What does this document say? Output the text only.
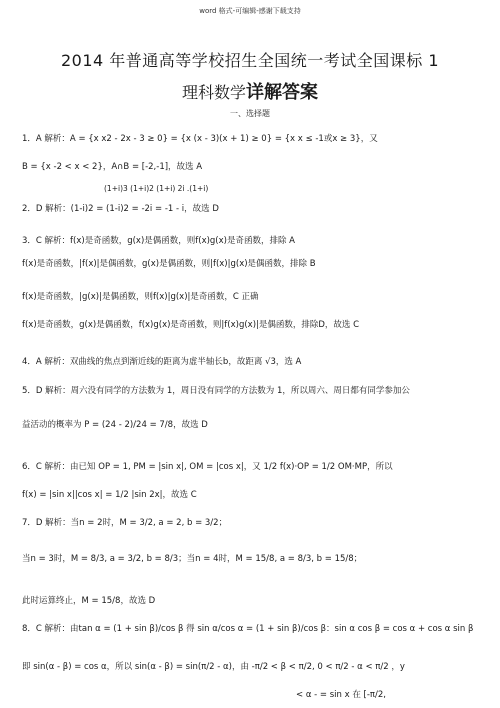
word 格式-可编辑-感谢下载支持
2014 年普通高等学校招生全国统一考试全国课标 1
理科数学详解答案
一、选择题
1．A 解析：A = {x x2 - 2x - 3 ≥ 0} = {x (x - 3)(x + 1) ≥ 0} = {x x ≤ -1或x ≥ 3}，又
B = {x -2 < x < 2}，A∩B = [-2,-1]，故选 A
(1+i)3 (1+i)2 (1+i) 2i .(1+i)
2．D 解析：(1-i)2 = (1-i)2 = -2i = -1 - i，故选 D
3．C 解析：f(x)是奇函数，g(x)是偶函数，则f(x)g(x)是奇函数，排除 A
f(x)是奇函数，|f(x)|是偶函数，g(x)是偶函数，则|f(x)|g(x)是偶函数，排除 B
f(x)是奇函数，|g(x)|是偶函数，则f(x)|g(x)|是奇函数，C 正确
f(x)是奇函数，g(x)是偶函数，f(x)g(x)是奇函数，则|f(x)g(x)|是偶函数，排除D，故选 C
4．A 解析：双曲线的焦点到渐近线的距离为虚半轴长b，故距离 √3，选 A
5．D 解析：周六没有同学的方法数为 1，周日没有同学的方法数为 1，所以周六、周日都有同学参加公
益活动的概率为 P = (24 - 2)/24 = 7/8，故选 D
6．C 解析：由已知 OP = 1, PM = |sin x|, OM = |cos x|，又 1/2 f(x)·OP = 1/2 OM·MP，所以
f(x) = |sin x||cos x| = 1/2 |sin 2x|，故选 C
7．D 解析：当n = 2时，M = 3/2, a = 2, b = 3/2；
当n = 3时，M = 8/3, a = 3/2, b = 8/3；当n = 4时，M = 15/8, a = 8/3, b = 15/8；
此时运算终止，M = 15/8，故选 D
8．C 解析：由tan α = (1 + sin β)/cos β 得 sin α/cos α = (1 + sin β)/cos β：sin α cos β = cos α + cos α sin β
即 sin(α - β) = cos α，所以 sin(α - β) = sin(π/2 - α)，由 -π/2 < β < π/2, 0 < π/2 - α < π/2 ，y
< α - = sin x 在 [-π/2,
